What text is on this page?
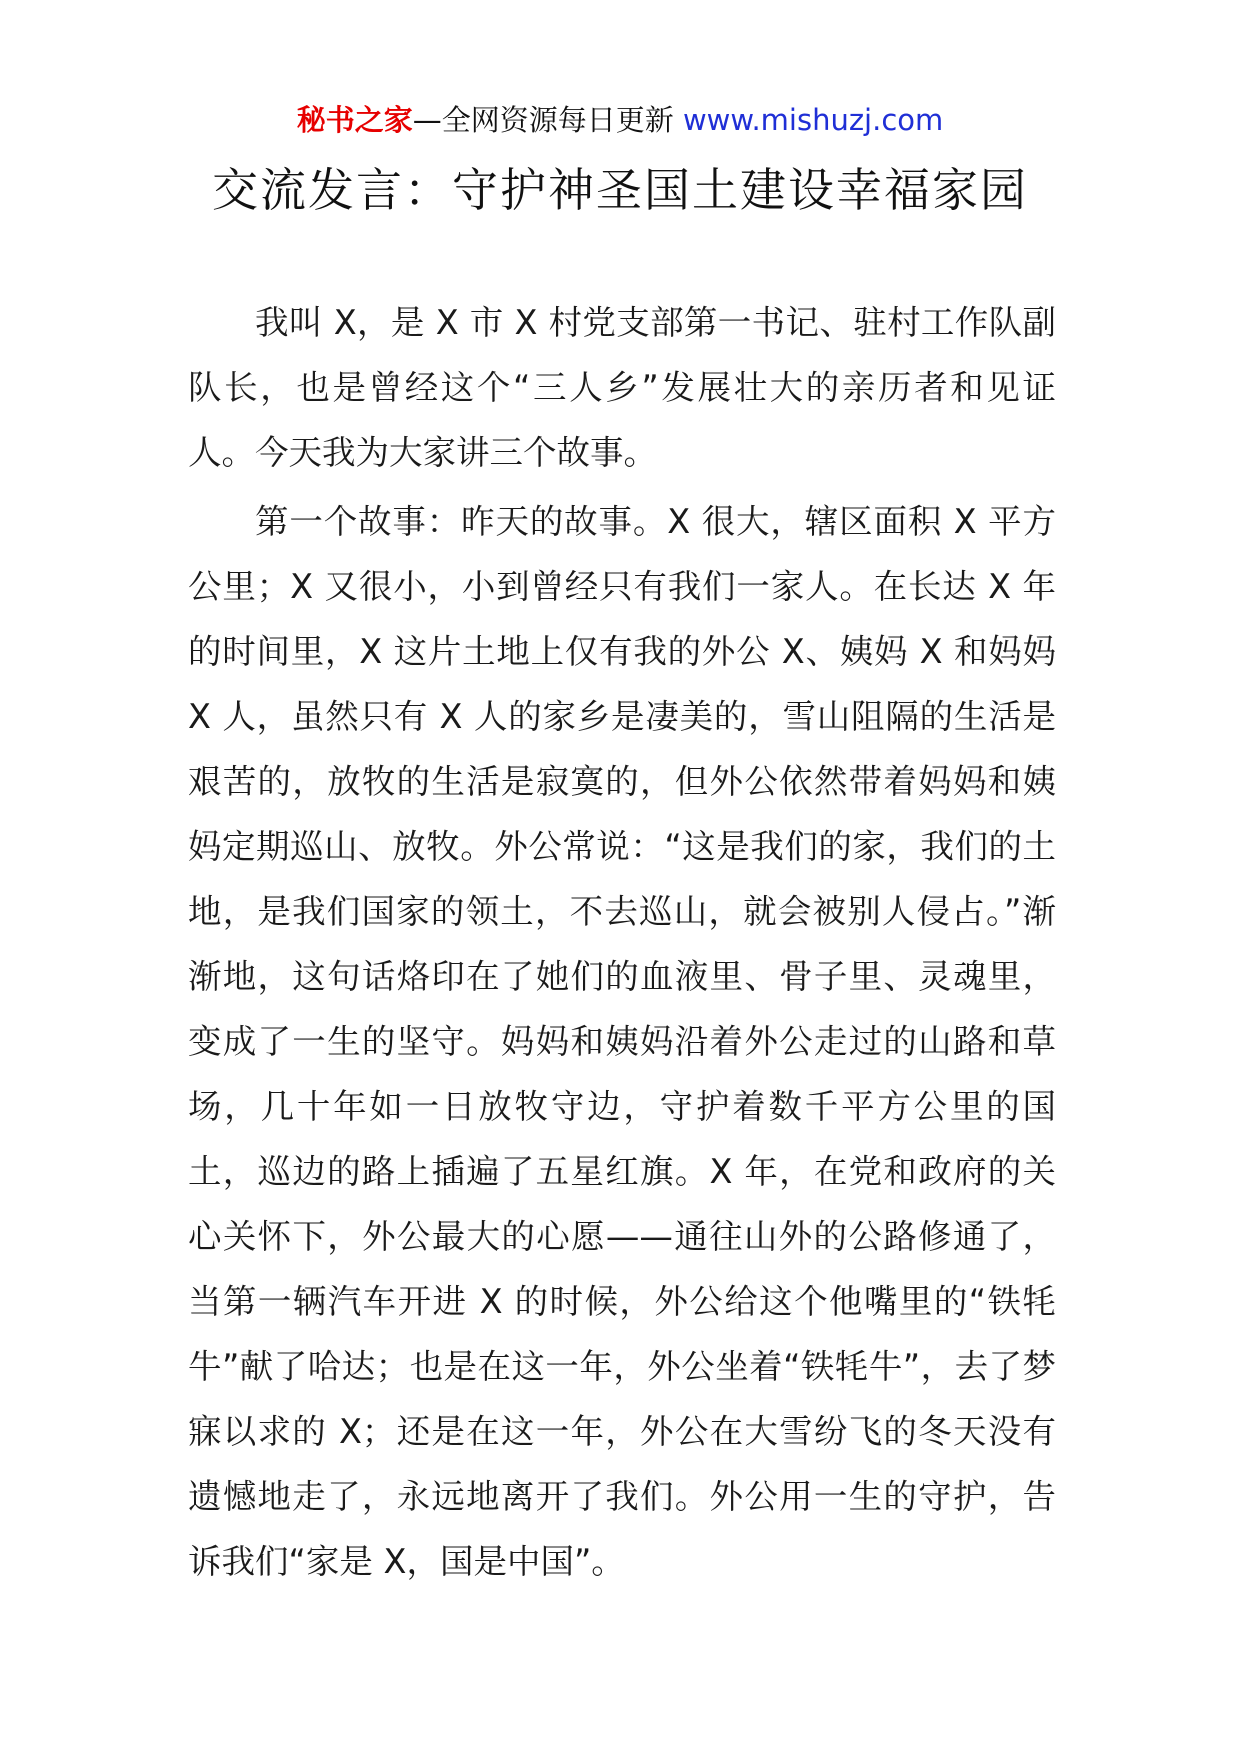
秘书之家—全网资源每日更新 www.mishuzj.com
交流发言：守护神圣国土建设幸福家园

我叫 X，是 X 市 X 村党支部第一书记、驻村工作队副队长，也是曾经这个“三人乡”发展壮大的亲历者和见证人。今天我为大家讲三个故事。

第一个故事：昨天的故事。X 很大，辖区面积 X 平方公里；X 又很小，小到曾经只有我们一家人。在长达 X 年的时间里，X 这片土地上仅有我的外公 X、姨妈 X 和妈妈 X 人，虽然只有 X 人的家乡是凄美的，雪山阻隔的生活是艰苦的，放牧的生活是寂寞的，但外公依然带着妈妈和姨妈定期巡山、放牧。外公常说：“这是我们的家，我们的土地，是我们国家的领土，不去巡山，就会被别人侵占。”渐渐地，这句话烙印在了她们的血液里、骨子里、灵魂里，变成了一生的坚守。妈妈和姨妈沿着外公走过的山路和草场，几十年如一日放牧守边，守护着数千平方公里的国土，巡边的路上插遍了五星红旗。X 年，在党和政府的关心关怀下，外公最大的心愿——通往山外的公路修通了，当第一辆汽车开进 X 的时候，外公给这个他嘴里的“铁牦牛”献了哈达；也是在这一年，外公坐着“铁牦牛”，去了梦寐以求的 X；还是在这一年，外公在大雪纷飞的冬天没有遗憾地走了，永远地离开了我们。外公用一生的守护，告诉我们“家是 X，国是中国”。
